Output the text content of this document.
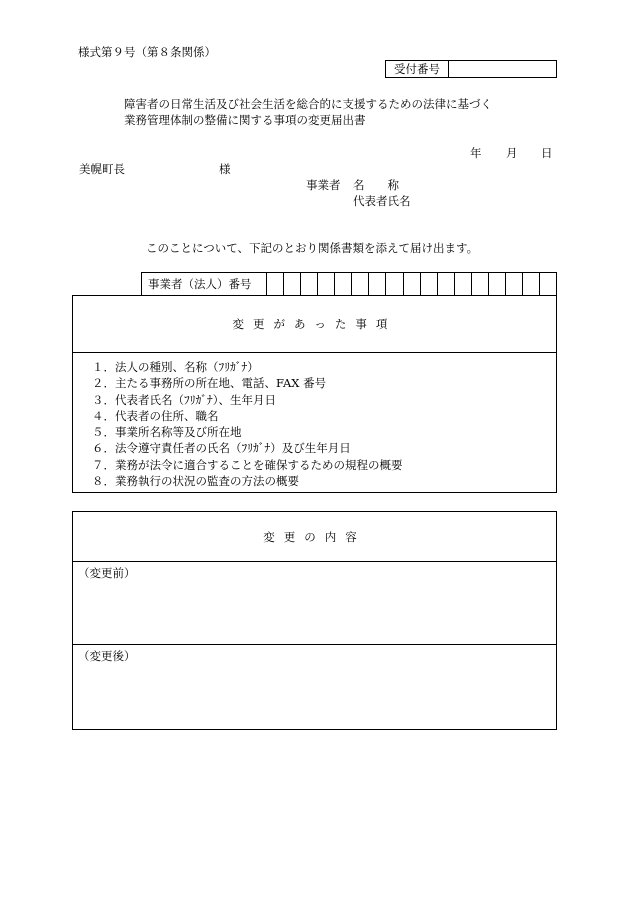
様式第９号（第８条関係）
受付番号
障害者の日常生活及び社会生活を総合的に支援するための法律に基づく
業務管理体制の整備に関する事項の変更届出書
年 月 日
美幌町長	様
事業者 名　　称
代表者氏名
このことについて、下記のとおり関係書類を添えて届け出ます。
事業者（法人）番号
変更があった事項
１．法人の種別、名称（ﾌﾘｶﾞﾅ）
２．主たる事務所の所在地、電話、FAX 番号
３．代表者氏名（ﾌﾘｶﾞﾅ）、生年月日
４．代表者の住所、職名
５．事業所名称等及び所在地
６．法令遵守責任者の氏名（ﾌﾘｶﾞﾅ）及び生年月日
７．業務が法令に適合することを確保するための規程の概要
８．業務執行の状況の監査の方法の概要
変更の内容
（変更前）
（変更後）
